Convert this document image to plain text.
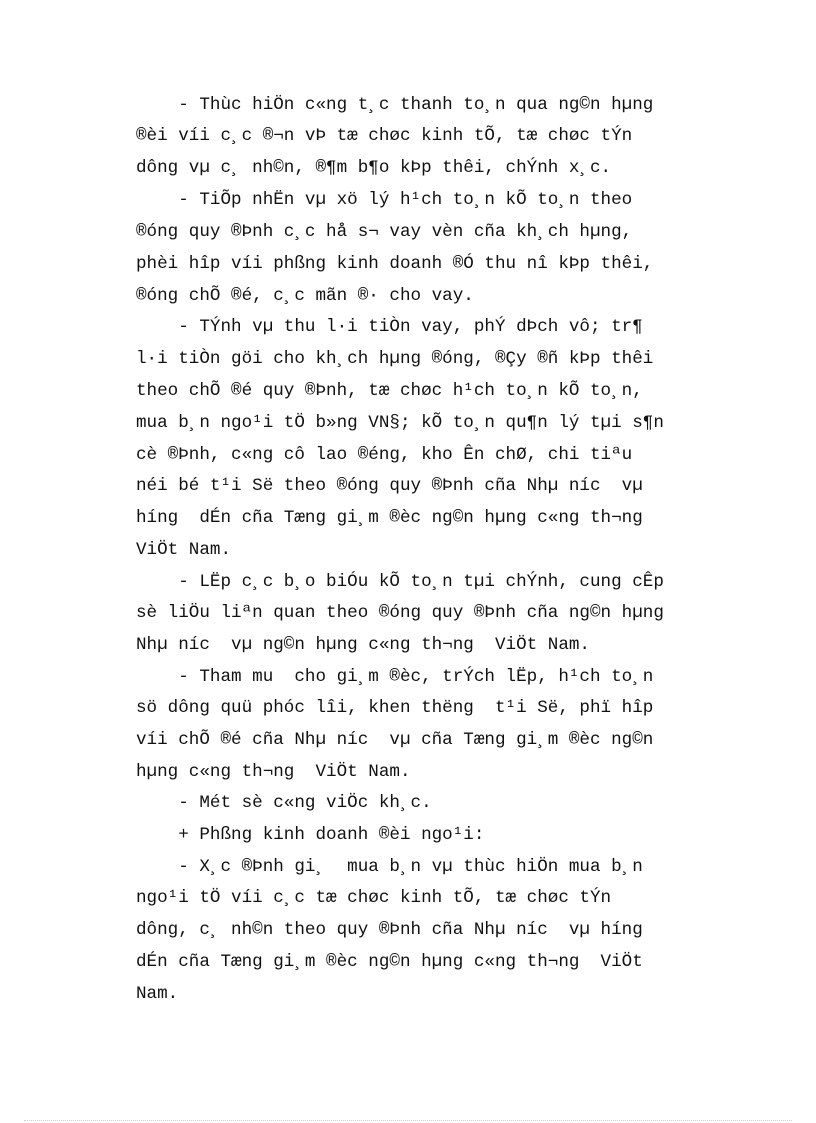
- Thùc hiÖn c«ng t¸c thanh to¸n qua ng©n hµng
®èi víi c¸c ®¬n vÞ tæ chøc kinh tÕ, tæ chøc tÝn
dông vµ c¸ nh©n, ®¶m b¶o kÞp thêi, chÝnh x¸c.
- TiÕp nhËn vµ xö lý h¹ch to¸n kÕ to¸n theo
®óng quy ®Þnh c¸c hå s¬ vay vèn cña kh¸ch hµng,
phèi hîp víi phßng kinh doanh ®Ó thu nî kÞp thêi,
®óng chÕ ®é, c¸c mãn ®· cho vay.
- TÝnh vµ thu l·i tiÒn vay, phÝ dÞch vô; tr¶
l·i tiÒn göi cho kh¸ch hµng ®óng, ®Çy ®ñ kÞp thêi
theo chÕ ®é quy ®Þnh, tæ chøc h¹ch to¸n kÕ to¸n,
mua b¸n ngo¹i tÖ b»ng VN§; kÕ to¸n qu¶n lý tµi s¶n
cè ®Þnh, c«ng cô lao ®éng, kho Ên chØ, chi tiªu
néi bé t¹i Së theo ®óng quy ®Þnh cña Nhµ níc  vµ
híng  dÉn cña Tæng gi¸m ®èc ng©n hµng c«ng th¬ng
ViÖt Nam.
- LËp c¸c b¸o biÓu kÕ to¸n tµi chÝnh, cung cÊp
sè liÖu liªn quan theo ®óng quy ®Þnh cña ng©n hµng
Nhµ níc  vµ ng©n hµng c«ng th¬ng  ViÖt Nam.
- Tham mu  cho gi¸m ®èc, trÝch lËp, h¹ch to¸n
sö dông quü phóc lîi, khen thëng  t¹i Së, phï hîp
víi chÕ ®é cña Nhµ níc  vµ cña Tæng gi¸m ®èc ng©n
hµng c«ng th¬ng  ViÖt Nam.
- Mét sè c«ng viÖc kh¸c.
+ Phßng kinh doanh ®èi ngo¹i:
- X¸c ®Þnh gi¸  mua b¸n vµ thùc hiÖn mua b¸n
ngo¹i tÖ víi c¸c tæ chøc kinh tÕ, tæ chøc tÝn
dông, c¸ nh©n theo quy ®Þnh cña Nhµ níc  vµ híng
dÉn cña Tæng gi¸m ®èc ng©n hµng c«ng th¬ng  ViÖt
Nam.
